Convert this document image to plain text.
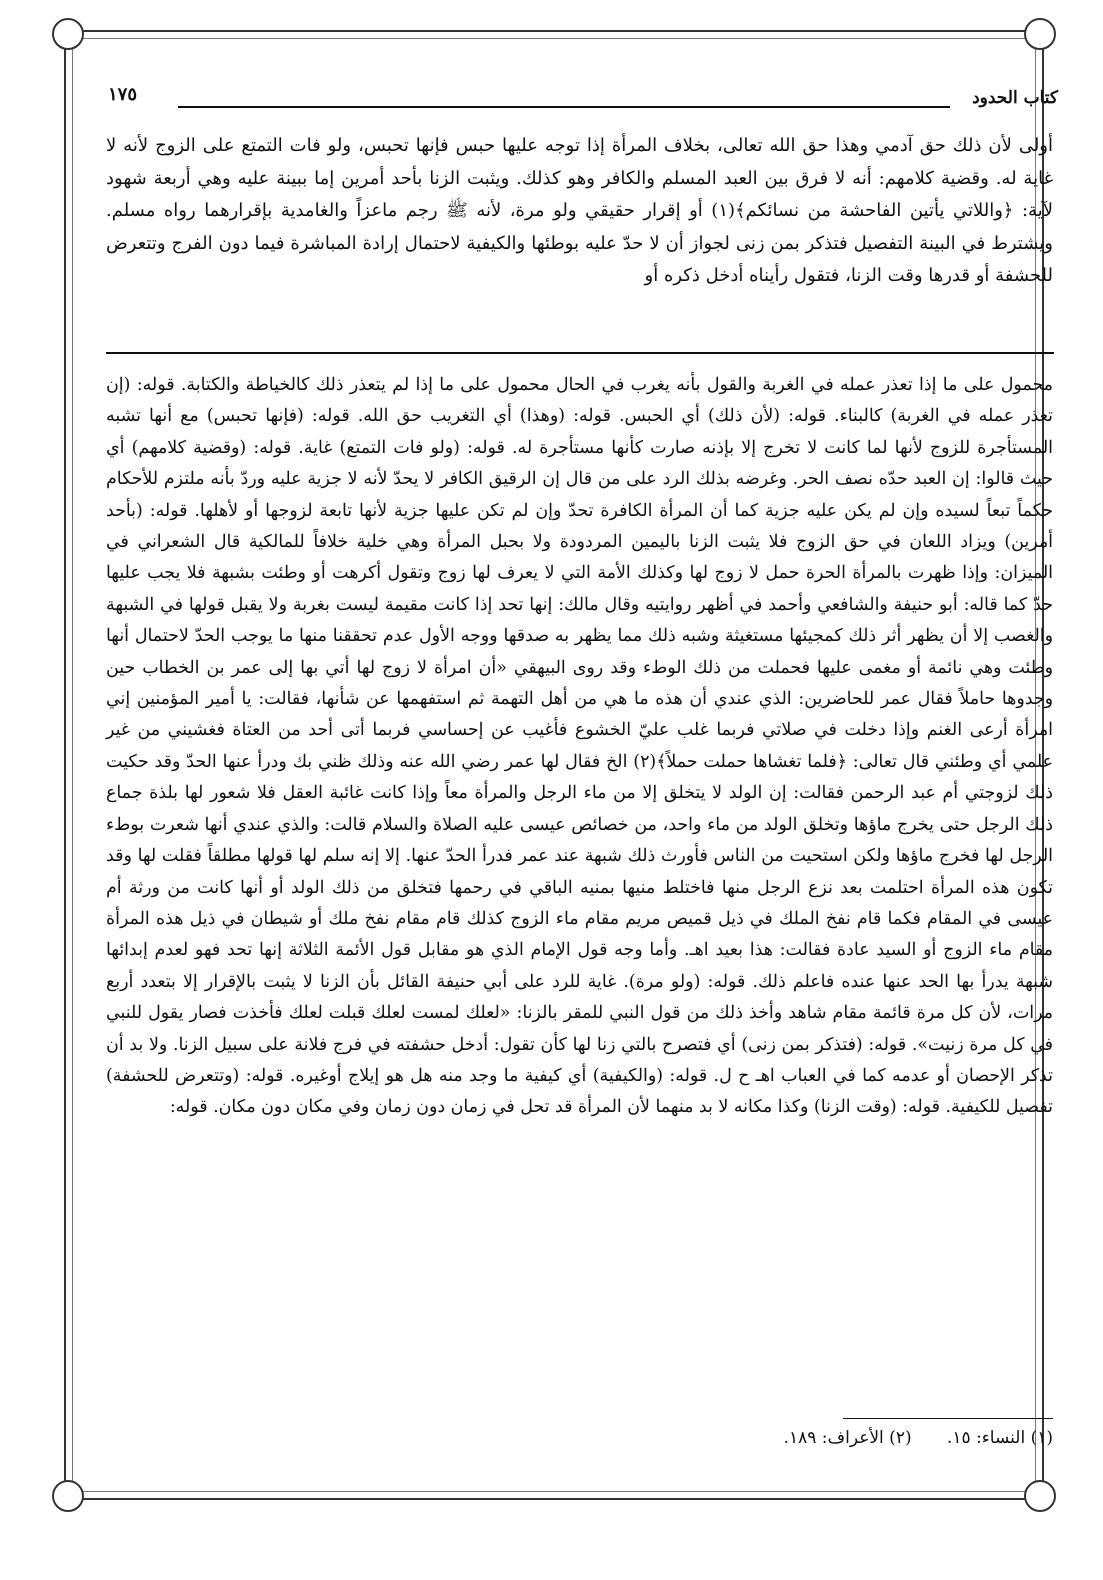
كتاب الحدود
١٧٥

أولى لأن ذلك حق آدمي وهذا حق الله تعالى، بخلاف المرأة إذا توجه عليها حبس فإنها تحبس، ولو فات التمتع على الزوج لأنه لا غاية له. وقضية كلامهم: أنه لا فرق بين العبد المسلم والكافر وهو كذلك. ويثبت الزنا بأحد أمرين إما ببينة عليه وهي أربعة شهود لآية: ﴿واللاتي يأتين الفاحشة من نسائكم﴾(١) أو إقرار حقيقي ولو مرة، لأنه ﷺ رجم ماعزاً والغامدية بإقرارهما رواه مسلم. ويشترط في البينة التفصيل فتذكر بمن زنى لجواز أن لا حدّ عليه بوطئها والكيفية لاحتمال إرادة المباشرة فيما دون الفرج وتتعرض للحشفة أو قدرها وقت الزنا، فتقول رأيناه أدخل ذكره أو

محمول على ما إذا تعذر عمله في الغربة والقول بأنه يغرب في الحال محمول على ما إذا لم يتعذر ذلك كالخياطة والكتابة. قوله: (إن تعذر عمله في الغربة) كالبناء. قوله: (لأن ذلك) أي الحبس. قوله: (وهذا) أي التغريب حق الله. قوله: (فإنها تحبس) مع أنها تشبه المستأجرة للزوج لأنها لما كانت لا تخرج إلا بإذنه صارت كأنها مستأجرة له. قوله: (ولو فات التمتع) غاية. قوله: (وقضية كلامهم) أي حيث قالوا: إن العبد حدّه نصف الحر. وغرضه بذلك الرد على من قال إن الرقيق الكافر لا يحدّ لأنه لا جزية عليه وردّ بأنه ملتزم للأحكام حكماً تبعاً لسيده وإن لم يكن عليه جزية كما أن المرأة الكافرة تحدّ وإن لم تكن عليها جزية لأنها تابعة لزوجها أو لأهلها. قوله: (بأحد أمرين) ويزاد اللعان في حق الزوج فلا يثبت الزنا باليمين المردودة ولا بحبل المرأة وهي خلية خلافاً للمالكية قال الشعراني في الميزان: وإذا ظهرت بالمرأة الحرة حمل لا زوج لها وكذلك الأمة التي لا يعرف لها زوج وتقول أكرهت أو وطئت بشبهة فلا يجب عليها حدّ كما قاله: أبو حنيفة والشافعي وأحمد في أظهر روايتيه وقال مالك: إنها تحد إذا كانت مقيمة ليست بغربة ولا يقبل قولها في الشبهة والغصب إلا أن يظهر أثر ذلك كمجيئها مستغيثة وشبه ذلك مما يظهر به صدقها ووجه الأول عدم تحققنا منها ما يوجب الحدّ لاحتمال أنها وطئت وهي نائمة أو مغمى عليها فحملت من ذلك الوطء وقد روى البيهقي «أن امرأة لا زوج لها أتي بها إلى عمر بن الخطاب حين وجدوها حاملاً فقال عمر للحاضرين: الذي عندي أن هذه ما هي من أهل التهمة ثم استفهمها عن شأنها، فقالت: يا أمير المؤمنين إني امرأة أرعى الغنم وإذا دخلت في صلاتي فربما غلب عليّ الخشوع فأغيب عن إحساسي فربما أتى أحد من العتاة فغشيني من غير علمي أي وطئني قال تعالى: ﴿فلما تغشاها حملت حملاً﴾(٢) الخ فقال لها عمر رضي الله عنه وذلك ظني بك ودرأ عنها الحدّ وقد حكيت ذلك لزوجتي أم عبد الرحمن فقالت: إن الولد لا يتخلق إلا من ماء الرجل والمرأة معاً وإذا كانت غائبة العقل فلا شعور لها بلذة جماع ذلك الرجل حتى يخرج ماؤها وتخلق الولد من ماء واحد، من خصائص عيسى عليه الصلاة والسلام قالت: والذي عندي أنها شعرت بوطء الرجل لها فخرج ماؤها ولكن استحيت من الناس فأورث ذلك شبهة عند عمر فدرأ الحدّ عنها. إلا إنه سلم لها قولها مطلقاً فقلت لها وقد تكون هذه المرأة احتلمت بعد نزع الرجل منها فاختلط منيها بمنيه الباقي في رحمها فتخلق من ذلك الولد أو أنها كانت من ورثة أم عيسى في المقام فكما قام نفخ الملك في ذيل قميص مريم مقام ماء الزوج كذلك قام مقام نفخ ملك أو شيطان في ذيل هذه المرأة مقام ماء الزوج أو السيد عادة فقالت: هذا بعيد اهـ. وأما وجه قول الإمام الذي هو مقابل قول الأئمة الثلاثة إنها تحد فهو لعدم إبدائها شبهة يدرأ بها الحد عنها عنده فاعلم ذلك. قوله: (ولو مرة). غاية للرد على أبي حنيفة القائل بأن الزنا لا يثبت بالإقرار إلا بتعدد أربع مرات، لأن كل مرة قائمة مقام شاهد وأخذ ذلك من قول النبي للمقر بالزنا: «لعلك لمست لعلك قبلت لعلك فأخذت فصار يقول للنبي في كل مرة زنيت». قوله: (فتذكر بمن زنى) أي فتصرح بالتي زنا لها كأن تقول: أدخل حشفته في فرج فلانة على سبيل الزنا. ولا بد أن تذكر الإحصان أو عدمه كما في العباب اهـ ح ل. قوله: (والكيفية) أي كيفية ما وجد منه هل هو إيلاج أوغيره. قوله: (وتتعرض للحشفة) تفصيل للكيفية. قوله: (وقت الزنا) وكذا مكانه لا بد منهما لأن المرأة قد تحل في زمان دون زمان وفي مكان دون مكان. قوله:

(١) النساء: ١٥. (٢) الأعراف: ١٨٩.
